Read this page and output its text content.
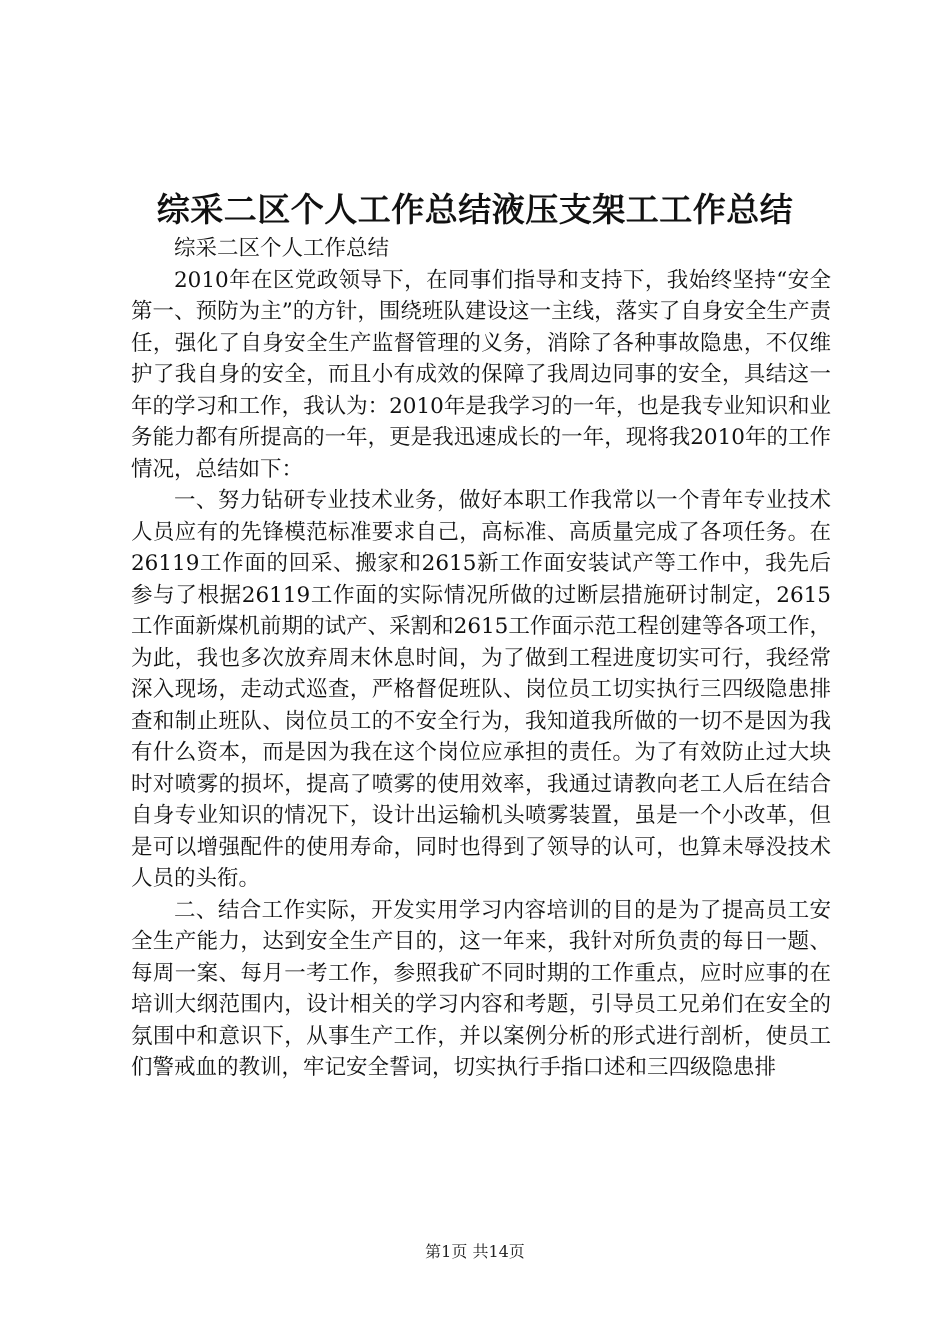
综采二区个人工作总结液压支架工工作总结

综采二区个人工作总结

2010年在区党政领导下，在同事们指导和支持下，我始终坚持“安全第一、预防为主”的方针，围绕班队建设这一主线，落实了自身安全生产责任，强化了自身安全生产监督管理的义务，消除了各种事故隐患，不仅维护了我自身的安全，而且小有成效的保障了我周边同事的安全，具结这一年的学习和工作，我认为：2010年是我学习的一年，也是我专业知识和业务能力都有所提高的一年，更是我迅速成长的一年，现将我2010年的工作情况，总结如下：

一、努力钻研专业技术业务，做好本职工作我常以一个青年专业技术人员应有的先锋模范标准要求自己，高标准、高质量完成了各项任务。在26119工作面的回采、搬家和2615新工作面安装试产等工作中，我先后参与了根据26119工作面的实际情况所做的过断层措施研讨制定，2615工作面新煤机前期的试产、采割和2615工作面示范工程创建等各项工作，为此，我也多次放弃周末休息时间，为了做到工程进度切实可行，我经常深入现场，走动式巡查，严格督促班队、岗位员工切实执行三四级隐患排查和制止班队、岗位员工的不安全行为，我知道我所做的一切不是因为我有什么资本，而是因为我在这个岗位应承担的责任。为了有效防止过大块时对喷雾的损坏，提高了喷雾的使用效率，我通过请教向老工人后在结合自身专业知识的情况下，设计出运输机头喷雾装置，虽是一个小改革，但是可以增强配件的使用寿命，同时也得到了领导的认可，也算未辱没技术人员的头衔。

二、结合工作实际，开发实用学习内容培训的目的是为了提高员工安全生产能力，达到安全生产目的，这一年来，我针对所负责的每日一题、每周一案、每月一考工作，参照我矿不同时期的工作重点，应时应事的在培训大纲范围内，设计相关的学习内容和考题，引导员工兄弟们在安全的氛围中和意识下，从事生产工作，并以案例分析的形式进行剖析，使员工们警戒血的教训，牢记安全誓词，切实执行手指口述和三四级隐患排

第1页 共14页
